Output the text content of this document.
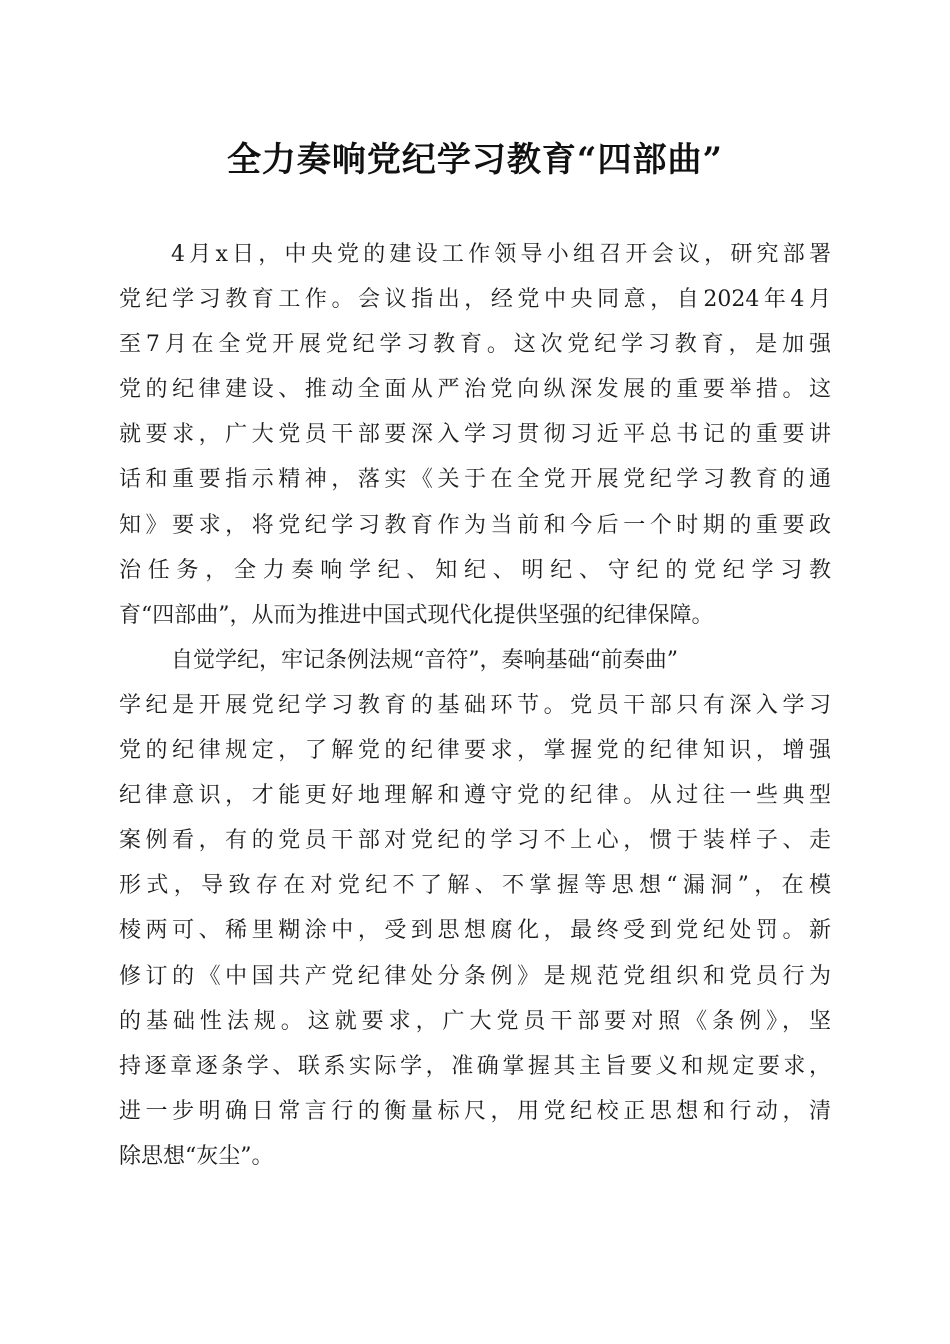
全力奏响党纪学习教育“四部曲”
4月x日，中央党的建设工作领导小组召开会议，研究部署
党纪学习教育工作。会议指出，经党中央同意，自2024年4月
至7月在全党开展党纪学习教育。这次党纪学习教育，是加强
党的纪律建设、推动全面从严治党向纵深发展的重要举措。这
就要求，广大党员干部要深入学习贯彻习近平总书记的重要讲
话和重要指示精神，落实《关于在全党开展党纪学习教育的通
知》要求，将党纪学习教育作为当前和今后一个时期的重要政
治任务，全力奏响学纪、知纪、明纪、守纪的党纪学习教
育“四部曲”，从而为推进中国式现代化提供坚强的纪律保障。
自觉学纪，牢记条例法规“音符”，奏响基础“前奏曲”
学纪是开展党纪学习教育的基础环节。党员干部只有深入学习
党的纪律规定，了解党的纪律要求，掌握党的纪律知识，增强
纪律意识，才能更好地理解和遵守党的纪律。从过往一些典型
案例看，有的党员干部对党纪的学习不上心，惯于装样子、走
形式，导致存在对党纪不了解、不掌握等思想“漏洞”，在模
棱两可、稀里糊涂中，受到思想腐化，最终受到党纪处罚。新
修订的《中国共产党纪律处分条例》是规范党组织和党员行为
的基础性法规。这就要求，广大党员干部要对照《条例》，坚
持逐章逐条学、联系实际学，准确掌握其主旨要义和规定要求，
进一步明确日常言行的衡量标尺，用党纪校正思想和行动，清
除思想“灰尘”。
